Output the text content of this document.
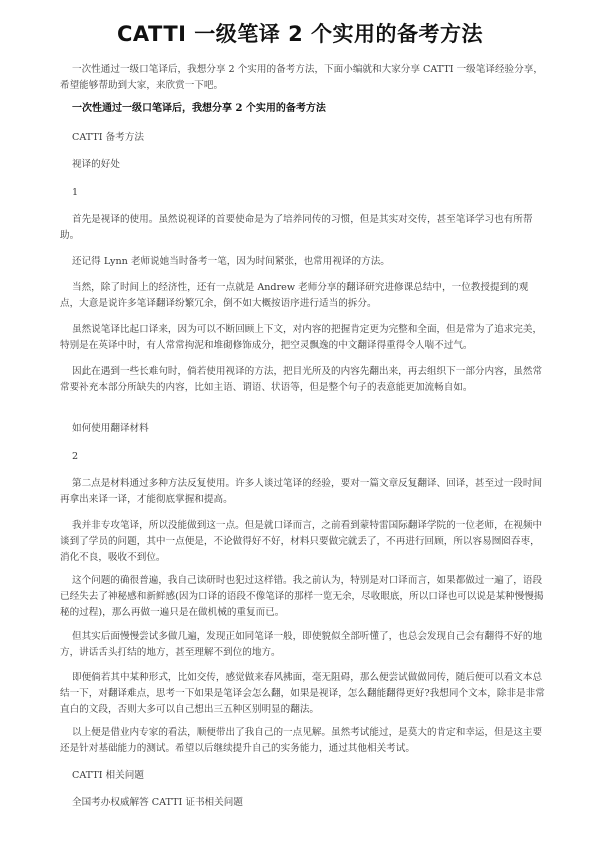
CATTI 一级笔译 2 个实用的备考方法

一次性通过一级口笔译后，我想分享 2 个实用的备考方法，下面小编就和大家分享 CATTI 一级笔译经验分享，希望能够帮助到大家，来欣赏一下吧。

一次性通过一级口笔译后，我想分享 2 个实用的备考方法

CATTI 备考方法

视译的好处

1

首先是视译的使用。虽然说视译的首要使命是为了培养同传的习惯，但是其实对交传，甚至笔译学习也有所帮助。

还记得 Lynn 老师说她当时备考一笔，因为时间紧张，也常用视译的方法。

当然，除了时间上的经济性，还有一点就是 Andrew 老师分享的翻译研究进修课总结中，一位教授提到的观点，大意是说许多笔译翻译纷繁冗余，倒不如大概按语序进行适当的拆分。

虽然说笔译比起口译来，因为可以不断回顾上下文，对内容的把握肯定更为完整和全面，但是常为了追求完美，特别是在英译中时，有人常常拘泥和堆砌修饰成分，把空灵飘逸的中文翻译得重得令人喘不过气。

因此在遇到一些长难句时，倘若使用视译的方法，把目光所及的内容先翻出来，再去组织下一部分内容，虽然常常要补充本部分所缺失的内容，比如主语、谓语、状语等，但是整个句子的表意能更加流畅自如。

如何使用翻译材料

2

第二点是材料通过多种方法反复使用。许多人谈过笔译的经验，要对一篇文章反复翻译、回译，甚至过一段时间再拿出来译一译，才能彻底掌握和提高。

我并非专攻笔译，所以没能做到这一点。但是就口译而言，之前看到蒙特雷国际翻译学院的一位老师，在视频中谈到了学员的问题，其中一点便是，不论做得好不好，材料只要做完就丢了，不再进行回顾，所以容易囫囵吞枣，消化不良，吸收不到位。

这个问题的确很普遍，我自己读研时也犯过这样错。我之前认为，特别是对口译而言，如果都做过一遍了，语段已经失去了神秘感和新鲜感(因为口译的语段不像笔译的那样一览无余，尽收眼底，所以口译也可以说是某种慢慢揭秘的过程)，那么再做一遍只是在做机械的重复而已。

但其实后面慢慢尝试多做几遍，发现正如同笔译一般，即使貌似全部听懂了，也总会发现自己会有翻得不好的地方，讲话舌头打结的地方，甚至理解不到位的地方。

即便倘若其中某种形式，比如交传，感觉做来春风拂面，毫无阻碍，那么便尝试做做同传，随后便可以看文本总结一下，对翻译难点，思考一下如果是笔译会怎么翻，如果是视译，怎么翻能翻得更好?我想同个文本，除非是非常直白的文段，否则大多可以自己想出三五种区别明显的翻法。

以上便是借业内专家的看法，顺便带出了我自己的一点见解。虽然考试能过，是莫大的肯定和幸运，但是这主要还是针对基础能力的测试。希望以后继续提升自己的实务能力，通过其他相关考试。

CATTI 相关问题

全国考办权威解答 CATTI 证书相关问题
